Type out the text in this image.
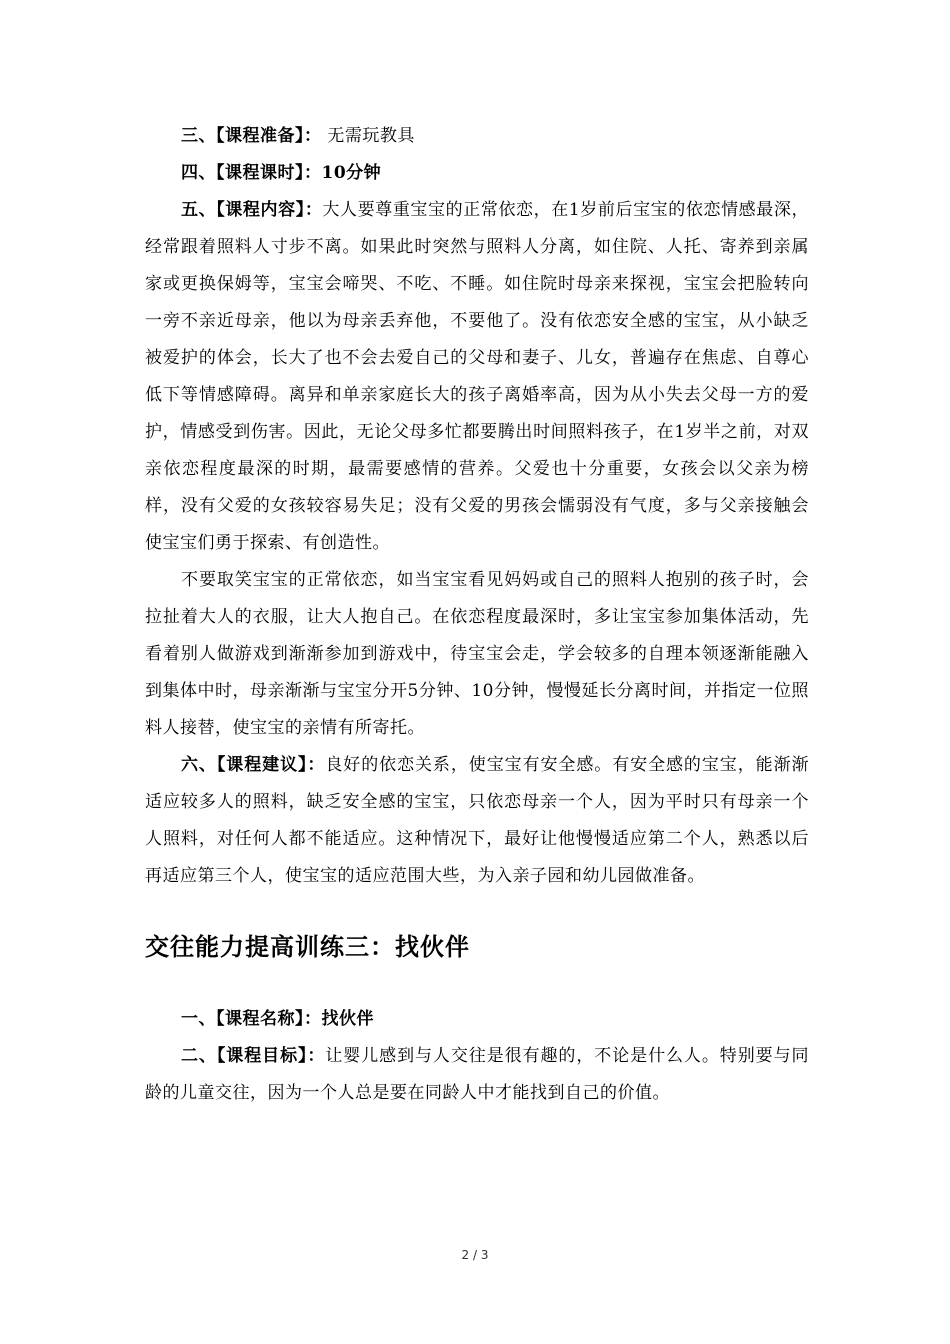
三、【课程准备】： 无需玩教具

四、【课程课时】：10分钟

五、【课程内容】：大人要尊重宝宝的正常依恋，在1岁前后宝宝的依恋情感最深，经常跟着照料人寸步不离。如果此时突然与照料人分离，如住院、人托、寄养到亲属家或更换保姆等，宝宝会啼哭、不吃、不睡。如住院时母亲来探视，宝宝会把脸转向一旁不亲近母亲，他以为母亲丢弃他，不要他了。没有依恋安全感的宝宝，从小缺乏被爱护的体会，长大了也不会去爱自己的父母和妻子、儿女，普遍存在焦虑、自尊心低下等情感障碍。离异和单亲家庭长大的孩子离婚率高，因为从小失去父母一方的爱护，情感受到伤害。因此，无论父母多忙都要腾出时间照料孩子，在1岁半之前，对双亲依恋程度最深的时期，最需要感情的营养。父爱也十分重要，女孩会以父亲为榜样，没有父爱的女孩较容易失足；没有父爱的男孩会懦弱没有气度，多与父亲接触会使宝宝们勇于探索、有创造性。

不要取笑宝宝的正常依恋，如当宝宝看见妈妈或自己的照料人抱别的孩子时，会拉扯着大人的衣服，让大人抱自己。在依恋程度最深时，多让宝宝参加集体活动，先看着别人做游戏到渐渐参加到游戏中，待宝宝会走，学会较多的自理本领逐渐能融入到集体中时，母亲渐渐与宝宝分开5分钟、10分钟，慢慢延长分离时间，并指定一位照料人接替，使宝宝的亲情有所寄托。

六、【课程建议】：良好的依恋关系，使宝宝有安全感。有安全感的宝宝，能渐渐适应较多人的照料，缺乏安全感的宝宝，只依恋母亲一个人，因为平时只有母亲一个人照料，对任何人都不能适应。这种情况下，最好让他慢慢适应第二个人，熟悉以后再适应第三个人，使宝宝的适应范围大些，为入亲子园和幼儿园做准备。

交往能力提高训练三：找伙伴

一、【课程名称】：找伙伴

二、【课程目标】：让婴儿感到与人交往是很有趣的，不论是什么人。特别要与同龄的儿童交往，因为一个人总是要在同龄人中才能找到自己的价值。

2 / 3
